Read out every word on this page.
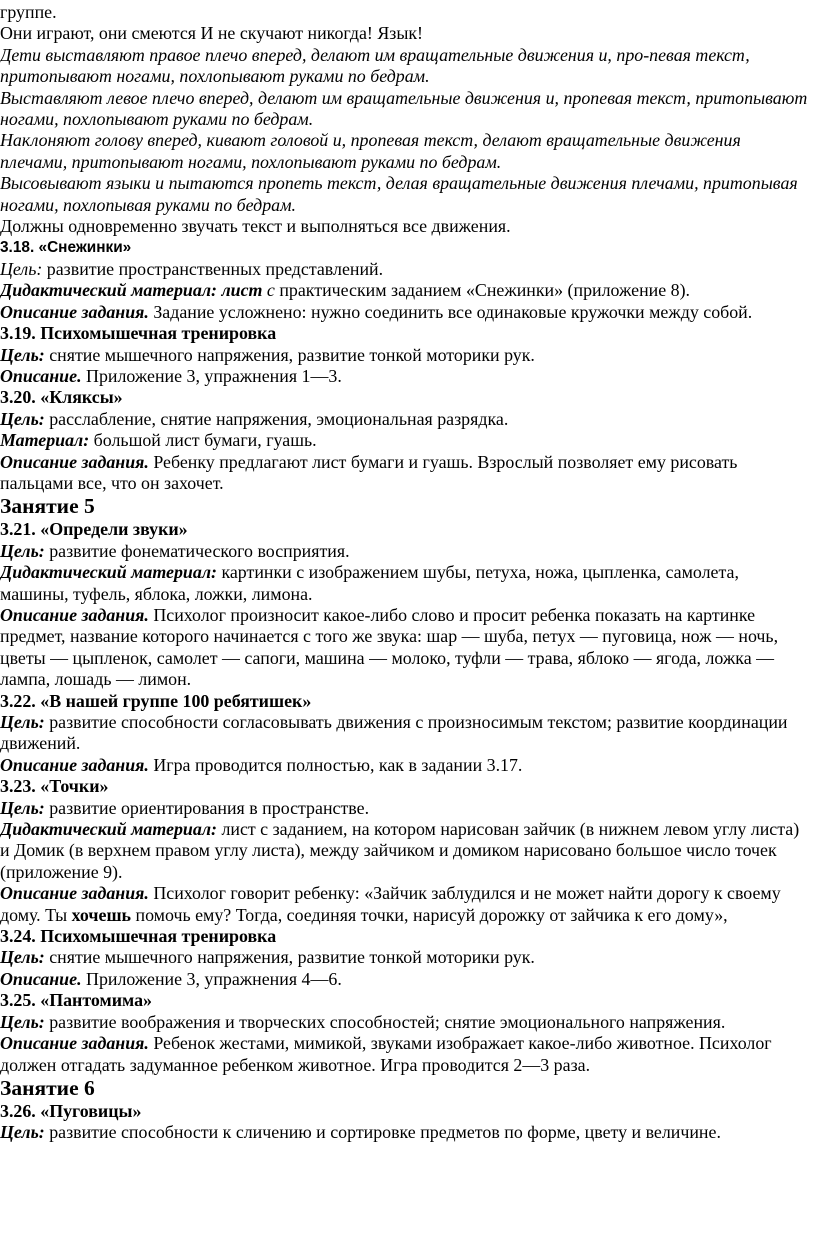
группе.

Они играют, они смеются И не скучают никогда! Язык!

Дети выставляют правое плечо вперед, делают им вращательные движения и, про-певая текст, притопывают ногами, похлопывают руками по бедрам.

Выставляют левое плечо вперед, делают им вращательные движения и, пропевая текст, притопывают ногами, похлопывают руками по бедрам.

Наклоняют голову вперед, кивают головой и, пропевая текст, делают вращательные движения плечами, притопывают ногами, похлопывают руками по бедрам.

Высовывают языки и пытаются пропеть текст, делая вращательные движения плечами, притопывая ногами, похлопывая руками по бедрам.

Должны одновременно звучать текст и выполняться все движения.

3.18. «Снежинки»

Цель: развитие пространственных представлений.

Дидактический материал: лист с практическим заданием «Снежинки» (приложение 8).

Описание задания. Задание усложнено: нужно соединить все одинаковые кружочки между собой.

3.19. Психомышечная тренировка

Цель: снятие мышечного напряжения, развитие тонкой моторики рук.

Описание. Приложение 3, упражнения 1—3.

3.20. «Кляксы»

Цель: расслабление, снятие напряжения, эмоциональная разрядка.

Материал: большой лист бумаги, гуашь.

Описание задания. Ребенку предлагают лист бумаги и гуашь. Взрослый позволяет ему рисовать пальцами все, что он захочет.

Занятие 5

3.21. «Определи звуки»

Цель: развитие фонематического восприятия.

Дидактический материал: картинки с изображением шубы, петуха, ножа, цыпленка, самолета, машины, туфель, яблока, ложки, лимона.

Описание задания. Психолог произносит какое-либо слово и просит ребенка показать на картинке предмет, название которого начинается с того же звука: шар — шуба, петух — пуговица, нож — ночь, цветы — цыпленок, самолет — сапоги, машина — молоко, туфли — трава, яблоко — ягода, ложка — лампа, лошадь — лимон.

3.22. «В нашей группе 100 ребятишек»

Цель: развитие способности согласовывать движения с произносимым текстом; развитие координации движений.

Описание задания. Игра проводится полностью, как в задании 3.17.

3.23. «Точки»

Цель: развитие ориентирования в пространстве.

Дидактический материал: лист с заданием, на котором нарисован зайчик (в нижнем левом углу листа) и Домик (в верхнем правом углу листа), между зайчиком и домиком нарисовано большое число точек (приложение 9).

Описание задания. Психолог говорит ребенку: «Зайчик заблудился и не может найти дорогу к своему дому. Ты хочешь помочь ему? Тогда, соединяя точки, нарисуй дорожку от зайчика к его дому»,

3.24. Психомышечная тренировка

Цель: снятие мышечного напряжения, развитие тонкой моторики рук.

Описание. Приложение 3, упражнения 4—6.

3.25. «Пантомима»

Цель: развитие воображения и творческих способностей; снятие эмоционального напряжения.

Описание задания. Ребенок жестами, мимикой, звуками изображает какое-либо животное. Психолог должен отгадать задуманное ребенком животное. Игра проводится 2—3 раза.

Занятие 6

3.26. «Пуговицы»

Цель: развитие способности к сличению и сортировке предметов по форме, цвету и величине.
